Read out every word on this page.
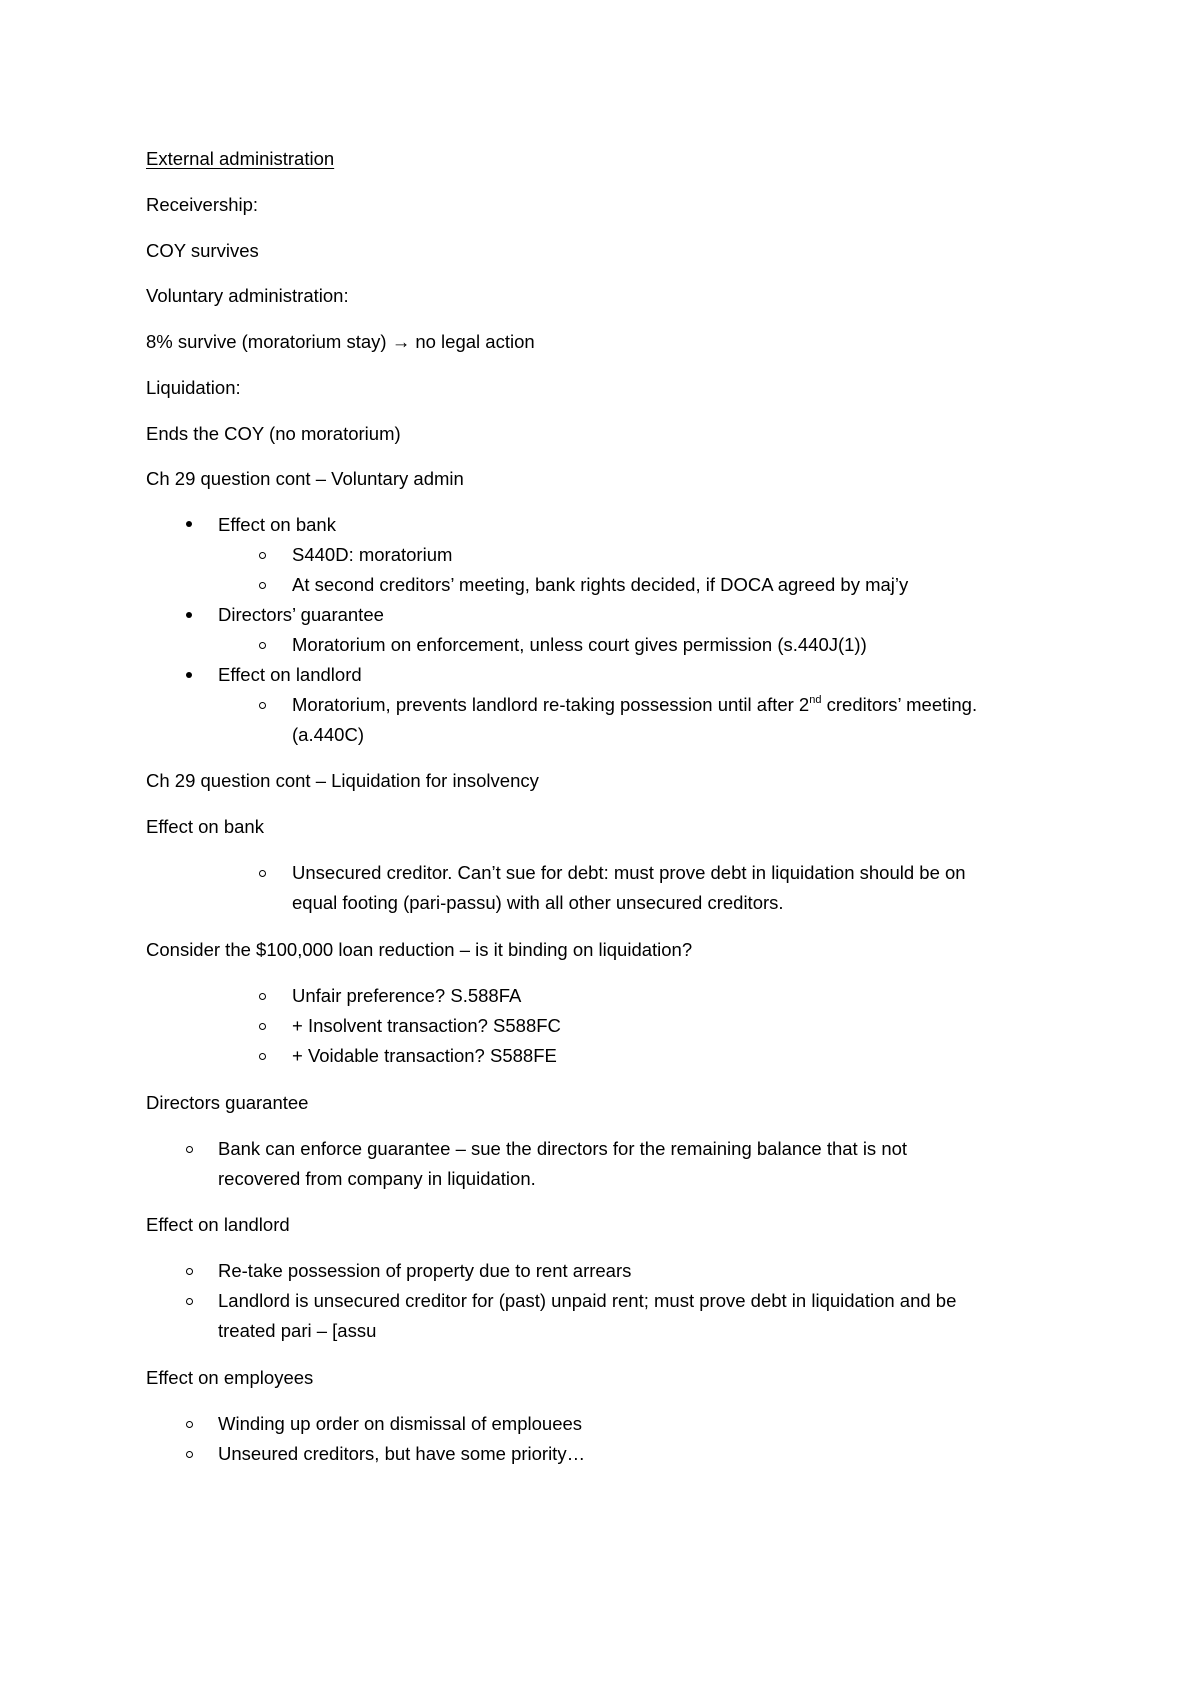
External administration
Receivership:
COY survives
Voluntary administration:
8% survive (moratorium stay) → no legal action
Liquidation:
Ends the COY (no moratorium)
Ch 29 question cont – Voluntary admin
Effect on bank
S440D: moratorium
At second creditors’ meeting, bank rights decided, if DOCA agreed by maj’y
Directors’ guarantee
Moratorium on enforcement, unless court gives permission (s.440J(1))
Effect on landlord
Moratorium, prevents landlord re-taking possession until after 2nd creditors’ meeting.
(a.440C)
Ch 29 question cont – Liquidation for insolvency
Effect on bank
Unsecured creditor. Can’t sue for debt: must prove debt in liquidation should be on
equal footing (pari-passu) with all other unsecured creditors.
Consider the $100,000 loan reduction – is it binding on liquidation?
Unfair preference? S.588FA
+ Insolvent transaction? S588FC
+ Voidable transaction? S588FE
Directors guarantee
Bank can enforce guarantee – sue the directors for the remaining balance that is not
recovered from company in liquidation.
Effect on landlord
Re-take possession of property due to rent arrears
Landlord is unsecured creditor for (past) unpaid rent; must prove debt in liquidation and be
treated pari – [assu
Effect on employees
Winding up order on dismissal of emplouees
Unseured creditors, but have some priority…
